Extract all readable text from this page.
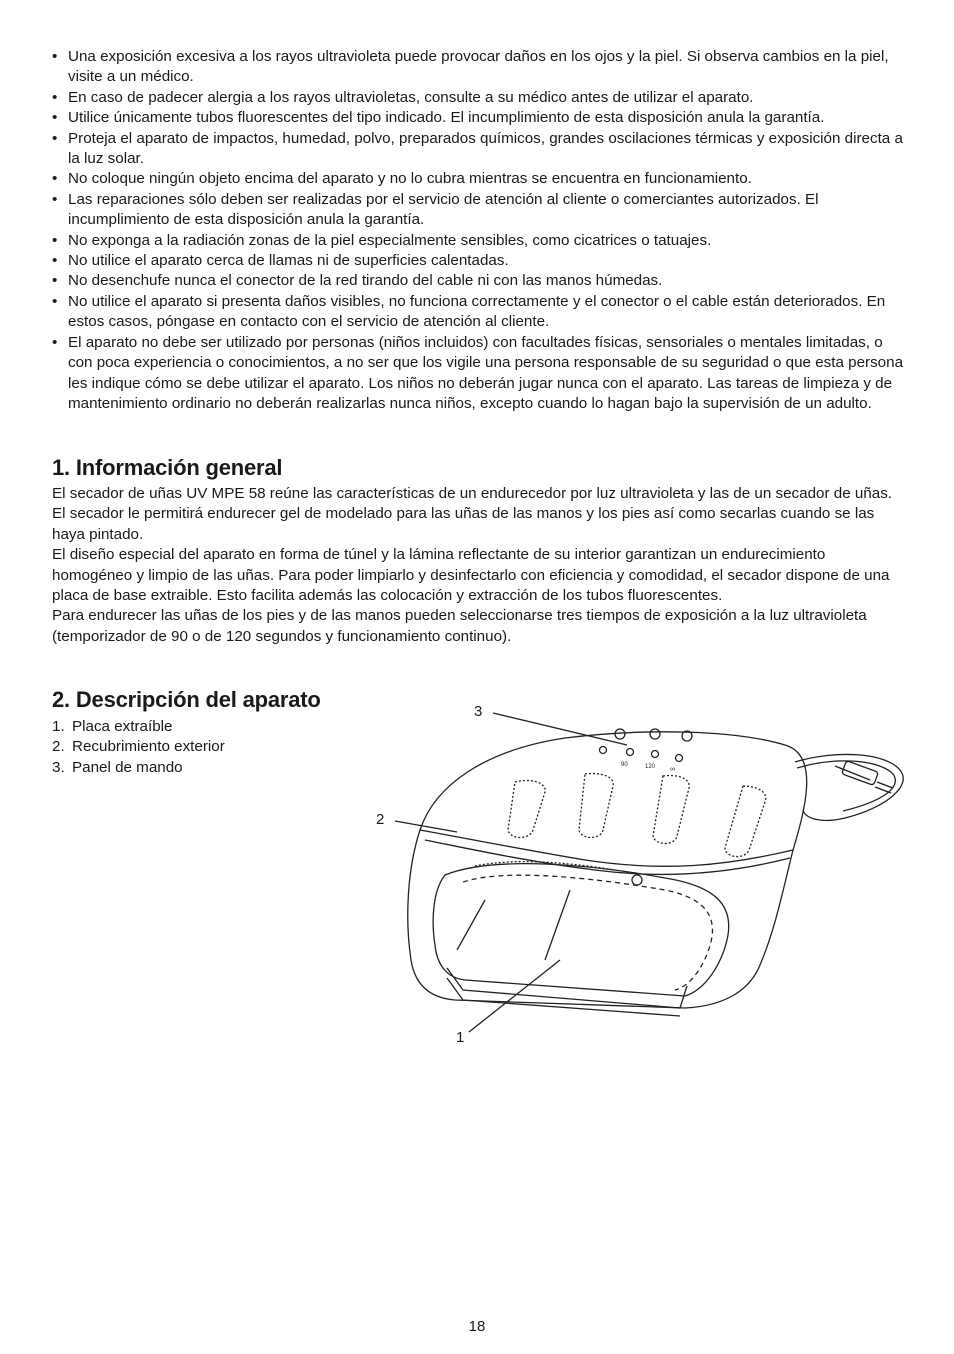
• Una exposición excesiva a los rayos ultravioleta puede provocar daños en los ojos y la piel. Si observa cambios en la piel, visite a un médico.
• En caso de padecer alergia a los rayos ultravioletas, consulte a su médico antes de utilizar el aparato.
• Utilice únicamente tubos fluorescentes del tipo indicado. El incumplimiento de esta disposición anula la garantía.
• Proteja el aparato de impactos, humedad, polvo, preparados químicos, grandes oscilaciones térmicas y exposición directa a la luz solar.
• No coloque ningún objeto encima del aparato y no lo cubra mientras se encuentra en funcionamiento.
• Las reparaciones sólo deben ser realizadas por el servicio de atención al cliente o comerciantes autorizados. El incumplimiento de esta disposición anula la garantía.
• No exponga a la radiación zonas de la piel especialmente sensibles, como cicatrices o tatuajes.
• No utilice el aparato cerca de llamas ni de superficies calentadas.
• No desenchufe nunca el conector de la red tirando del cable ni con las manos húmedas.
• No utilice el aparato si presenta daños visibles, no funciona correctamente y el conector o el cable están deteriorados. En estos casos, póngase en contacto con el servicio de atención al cliente.
• El aparato no debe ser utilizado por personas (niños incluidos) con facultades físicas, sensoriales o mentales limitadas, o con poca experiencia o conocimientos, a no ser que los vigile una persona responsable de su seguridad o que esta persona les indique cómo se debe utilizar el aparato. Los niños no deberán jugar nunca con el aparato. Las tareas de limpieza y de mantenimiento ordinario no deberán realizarlas nunca niños, excepto cuando lo hagan bajo la supervisión de un adulto.
1. Información general

El secador de uñas UV MPE 58 reúne las características de un endurecedor por luz ultravioleta y las de un secador de uñas.

El secador le permitirá endurecer gel de modelado para las uñas de las manos y los pies así como secarlas cuando se las haya pintado.

El diseño especial del aparato en forma de túnel y la lámina reflectante de su interior garantizan un endurecimiento homogéneo y limpio de las uñas. Para poder limpiarlo y desinfectarlo con eficiencia y comodidad, el secador dispone de una placa de base extraible. Esto facilita además las colocación y extracción de los tubos fluorescentes.

Para endurecer las uñas de los pies y de las manos pueden seleccionarse tres tiempos de exposición a la luz ultravioleta (temporizador de 90 o de 120 segundos y funcionamiento continuo).

2. Descripción del aparato
1. Placa extraíble
2. Recubrimiento exterior
3. Panel de mando	90	120 ∞
3
2
1
18
